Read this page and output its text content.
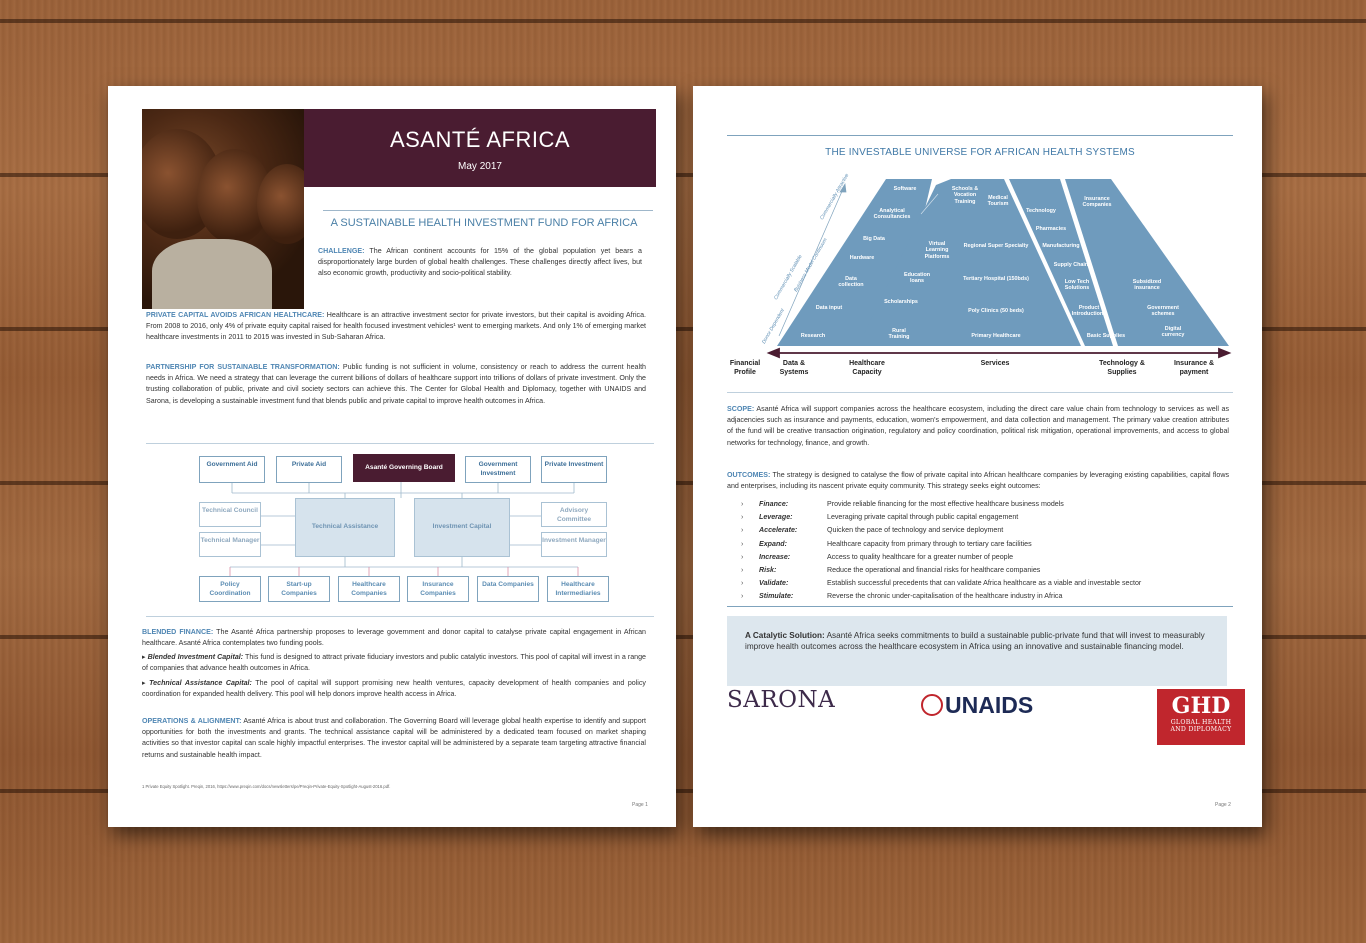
ASANTÉ AFRICA
May 2017
A SUSTAINABLE HEALTH INVESTMENT FUND FOR AFRICA
CHALLENGE: The African continent accounts for 15% of the global population yet bears a disproportionately large burden of global health challenges. These challenges directly affect lives, but also economic growth, productivity and socio-political stability.
PRIVATE CAPITAL AVOIDS AFRICAN HEALTHCARE: Healthcare is an attractive investment sector for private investors, but their capital is avoiding Africa. From 2008 to 2016, only 4% of private equity capital raised for health focused investment vehicles¹ went to emerging markets. And only 1% of emerging market healthcare investments in 2011 to 2015 was invested in Sub-Saharan Africa.
PARTNERSHIP FOR SUSTAINABLE TRANSFORMATION: Public funding is not sufficient in volume, consistency or reach to address the current health needs in Africa. We need a strategy that can leverage the current billions of dollars of healthcare support into trillions of dollars of private investment. Only the trusting collaboration of public, private and civil society sectors can achieve this. The Center for Global Health and Diplomacy, together with UNAIDS and Sarona, is developing a sustainable investment fund that blends public and private capital to improve health outcomes in Africa.
Government Aid	Private Aid	Asanté Governing Board	Government Investment
Private Investment
Technical Council
Technical Manager
Technical Assistance	Investment Capital
Advisory Committee
Investment Manager
Policy Coordination
Start-up Companies
Healthcare Companies
Insurance Companies
Data Companies	Healthcare Intermediaries
BLENDED FINANCE: The Asanté Africa partnership proposes to leverage government and donor capital to catalyse private capital engagement in African healthcare. Asanté Africa contemplates two funding pools.
▸ Blended Investment Capital: This fund is designed to attract private fiduciary investors and public catalytic investors. This pool of capital will invest in a range of companies that advance health outcomes in Africa.
▸ Technical Assistance Capital: The pool of capital will support promising new health ventures, capacity development of health companies and policy coordination for expanded health delivery. This pool will help donors improve health access in Africa.
OPERATIONS & ALIGNMENT: Asanté Africa is about trust and collaboration. The Governing Board will leverage global health expertise to identify and support opportunities for both the investments and grants. The technical assistance capital will be administered by a dedicated team focused on market shaping activities so that investor capital can scale highly impactful enterprises. The investor capital will be administered by a separate team targeting attractive financial returns and sustainable health impact.
1 Private Equity Spotlight. Preqin, 2016, https://www.preqin.com/docs/newsletters/pe/Preqin-Private-Equity-Spotlight-August-2016.pdf.
Page 1
THE INVESTABLE UNIVERSE FOR AFRICAN HEALTH SYSTEMS
Donor Dependent
Commercially Scalable
Business Model Continuum
Commercially Attractive	Software
Analytical Consultancies
Big Data
Hardware
Data collection
Data input
Research
Virtual Learning Platforms
Education loans
Scholarships
Rural Training
Schools & Vocation Training
Medical Tourism
Regional Super Specialty
Tertiary Hospital (150bds)
Poly Clinics (50 beds)
Primary Healthcare
Technology
Pharmacies
Manufacturing
Supply Chain
Low Tech Solutions
Product Introductions
Basic Supplies
Insurance Companies
Subsidized insurance
Government schemes
Digital currency
Financial Profile
Data & Systems
Healthcare Capacity
Services	Technology & Supplies
Insurance & payment
SCOPE: Asanté Africa will support companies across the healthcare ecosystem, including the direct care value chain from technology to services as well as adjacencies such as insurance and payments, education, women's empowerment, and data collection and management. The primary value creation attributes of the fund will be creative transaction origination, regulatory and policy coordination, political risk mitigation, operational improvements, and access to global networks for technology, finance, and growth.
OUTCOMES: The strategy is designed to catalyse the flow of private capital into African healthcare companies by leveraging existing capabilities, capital flows and enterprises, including its nascent private equity community. This strategy seeks eight outcomes:
›	Finance:	Provide reliable financing for the most effective healthcare business models
›	Leverage:	Leveraging private capital through public capital engagement
›	Accelerate:	Quicken the pace of technology and service deployment
›	Expand:	Healthcare capacity from primary through to tertiary care facilities
›	Increase:	Access to quality healthcare for a greater number of people
›	Risk:	Reduce the operational and financial risks for healthcare companies
›	Validate:	Establish successful precedents that can validate Africa healthcare as a viable and investable sector
›	Stimulate:	Reverse the chronic under-capitalisation of the healthcare industry in Africa
A Catalytic Solution: Asanté Africa seeks commitments to build a sustainable public-private fund that will invest to measurably improve health outcomes across the healthcare ecosystem in Africa using an innovative and sustainable financing model.
SARONA	UNAIDS	GHD
GLOBAL HEALTH
AND DIPLOMACY
Page 2
